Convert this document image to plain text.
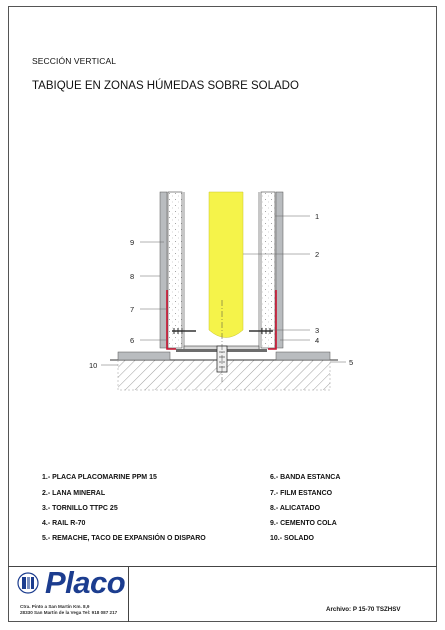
SECCIÓN VERTICAL
TABIQUE EN ZONAS HÚMEDAS SOBRE SOLADO
1
2
3
4
5
6
7
8
9
10
1.- PLACA PLACOMARINE PPM 15
2.- LANA MINERAL
3.- TORNILLO TTPC 25
4.- RAIL R-70
5.- REMACHE, TACO DE EXPANSIÓN O DISPARO
6.- BANDA ESTANCA
7.- FILM ESTANCO
8.- ALICATADO
9.- CEMENTO COLA
10.- SOLADO
Placo
Ctra. Pinto a San Martín Km. 8,9
28330 San Martín de la Vega Tel: 918 087 217	Archivo: P 15-70 TSZHSV
